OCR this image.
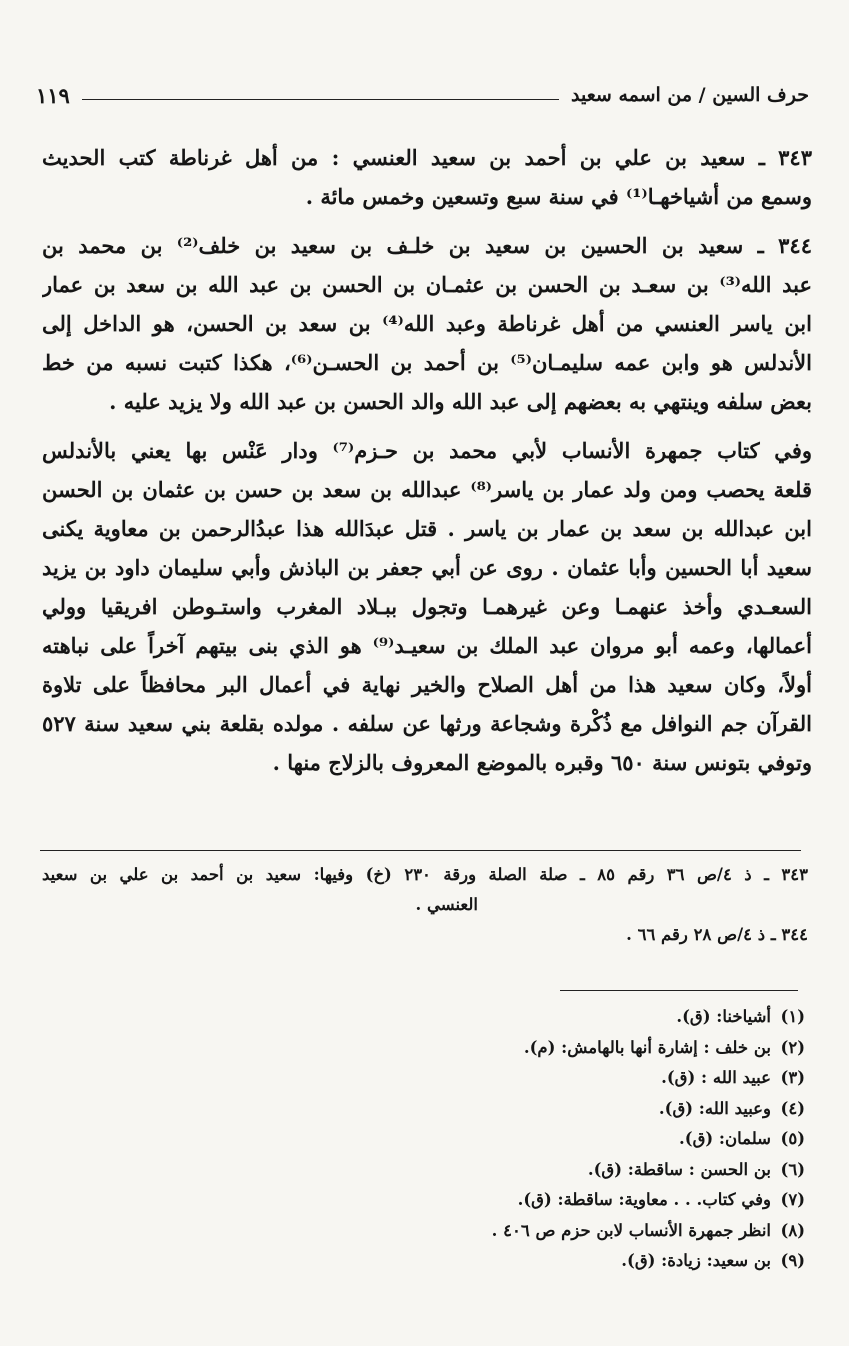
حرف السين / من اسمه سعيد
١١٩
٣٤٣ ـ سعيد بن علي بن أحمد بن سعيد العنسي : من أهل غرناطة كتب الحديث
وسمع من أشياخهـا⁽¹⁾ في سنة سبع وتسعين وخمس مائة .
٣٤٤ ـ سعيد بن الحسين بن سعيد بن خلـف بن سعيد بن خلف⁽²⁾ بن محمد بن
عبد الله⁽³⁾ بن سعـد بن الحسن بن عثمـان بن الحسن بن عبد الله بن سعد بن عمار
ابن ياسر العنسي من أهل غرناطة وعبد الله⁽⁴⁾ بن سعد بن الحسن، هو الداخل إلى
الأندلس هو وابن عمه سليمـان⁽⁵⁾ بن أحمد بن الحسـن⁽⁶⁾، هكذا كتبت نسبه من خط
بعض سلفه وينتهي به بعضهم إلى عبد الله والد الحسن بن عبد الله ولا يزيد عليه .
وفي كتاب جمهرة الأنساب لأبي محمد بن حـزم⁽⁷⁾ ودار عَنْس بها يعني بالأندلس
قلعة يحصب ومن ولد عمار بن ياسر⁽⁸⁾ عبدالله بن سعد بن حسن بن عثمان بن الحسن
ابن عبدالله بن سعد بن عمار بن ياسر . قتل عبدَالله هذا عبدُالرحمن بن معاوية يكنى
سعيد أبا الحسين وأبا عثمان . روى عن أبي جعفر بن الباذش وأبي سليمان داود بن يزيد
السعـدي وأخذ عنهمـا وعن غيرهمـا وتجول ببـلاد المغرب واستـوطن افريقيا وولي
أعمالها، وعمه أبو مروان عبد الملك بن سعيـد⁽⁹⁾ هو الذي بنى بيتهم آخراً على نباهته
أولاً، وكان سعيد هذا من أهل الصلاح والخير نهاية في أعمال البر محافظاً على تلاوة
القرآن جم النوافل مع ذُكْرة وشجاعة ورثها عن سلفه . مولده بقلعة بني سعيد سنة ٥٢٧
وتوفي بتونس سنة ٦٥٠ وقبره بالموضع المعروف بالزلاج منها .
٣٤٣ ـ ذ ٤/ص ٣٦ رقم ٨٥ ـ صلة الصلة ورقة ٢٣٠ (خ) وفيها: سعيد بن أحمد بن علي بن سعيد
العنسي .
٣٤٤ ـ ذ ٤/ص ٢٨ رقم ٦٦ .
(١)أشياخنا: (ق).
(٢)بن خلف : إشارة أنها بالهامش: (م).
(٣)عبيد الله : (ق).
(٤)وعبيد الله: (ق).
(٥)سلمان: (ق).
(٦)بن الحسن : ساقطة: (ق).
(٧)وفي كتاب. . . معاوية: ساقطة: (ق).
(٨)انظر جمهرة الأنساب لابن حزم ص ٤٠٦ .
(٩)بن سعيد: زيادة: (ق).
